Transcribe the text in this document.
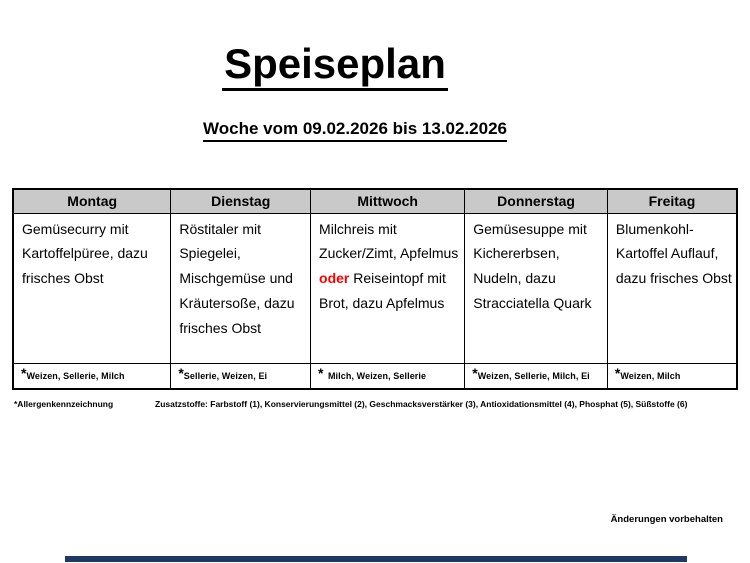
Speiseplan
Woche vom 09.02.2026 bis 13.02.2026
Montag	Dienstag	Mittwoch	Donnerstag	Freitag
Gemüsecurry mit Kartoffelpüree, dazu frisches Obst	Röstitaler mit Spiegelei, Mischgemüse und Kräutersoße, dazu frisches Obst	Milchreis mit Zucker/Zimt, Apfelmus oder Reiseintopf mit Brot, dazu Apfelmus	Gemüsesuppe mit Kichererbsen, Nudeln, dazu Stracciatella Quark	Blumenkohl-Kartoffel Auflauf, dazu frisches Obst
*$^{Weizen, Sellerie, Milch}$	*$^{Sellerie, Weizen, Ei}$	* $^{Milch, Weizen, Sellerie}$	*$^{Weizen, Sellerie, Milch, Ei}$	*$^{Weizen, Milch}$
*Allergenkennzeichnung	Zusatzstoffe: Farbstoff (1), Konservierungsmittel (2), Geschmacksverstärker (3), Antioxidationsmittel (4), Phosphat (5), Süßstoffe (6)
Änderungen vorbehalten
